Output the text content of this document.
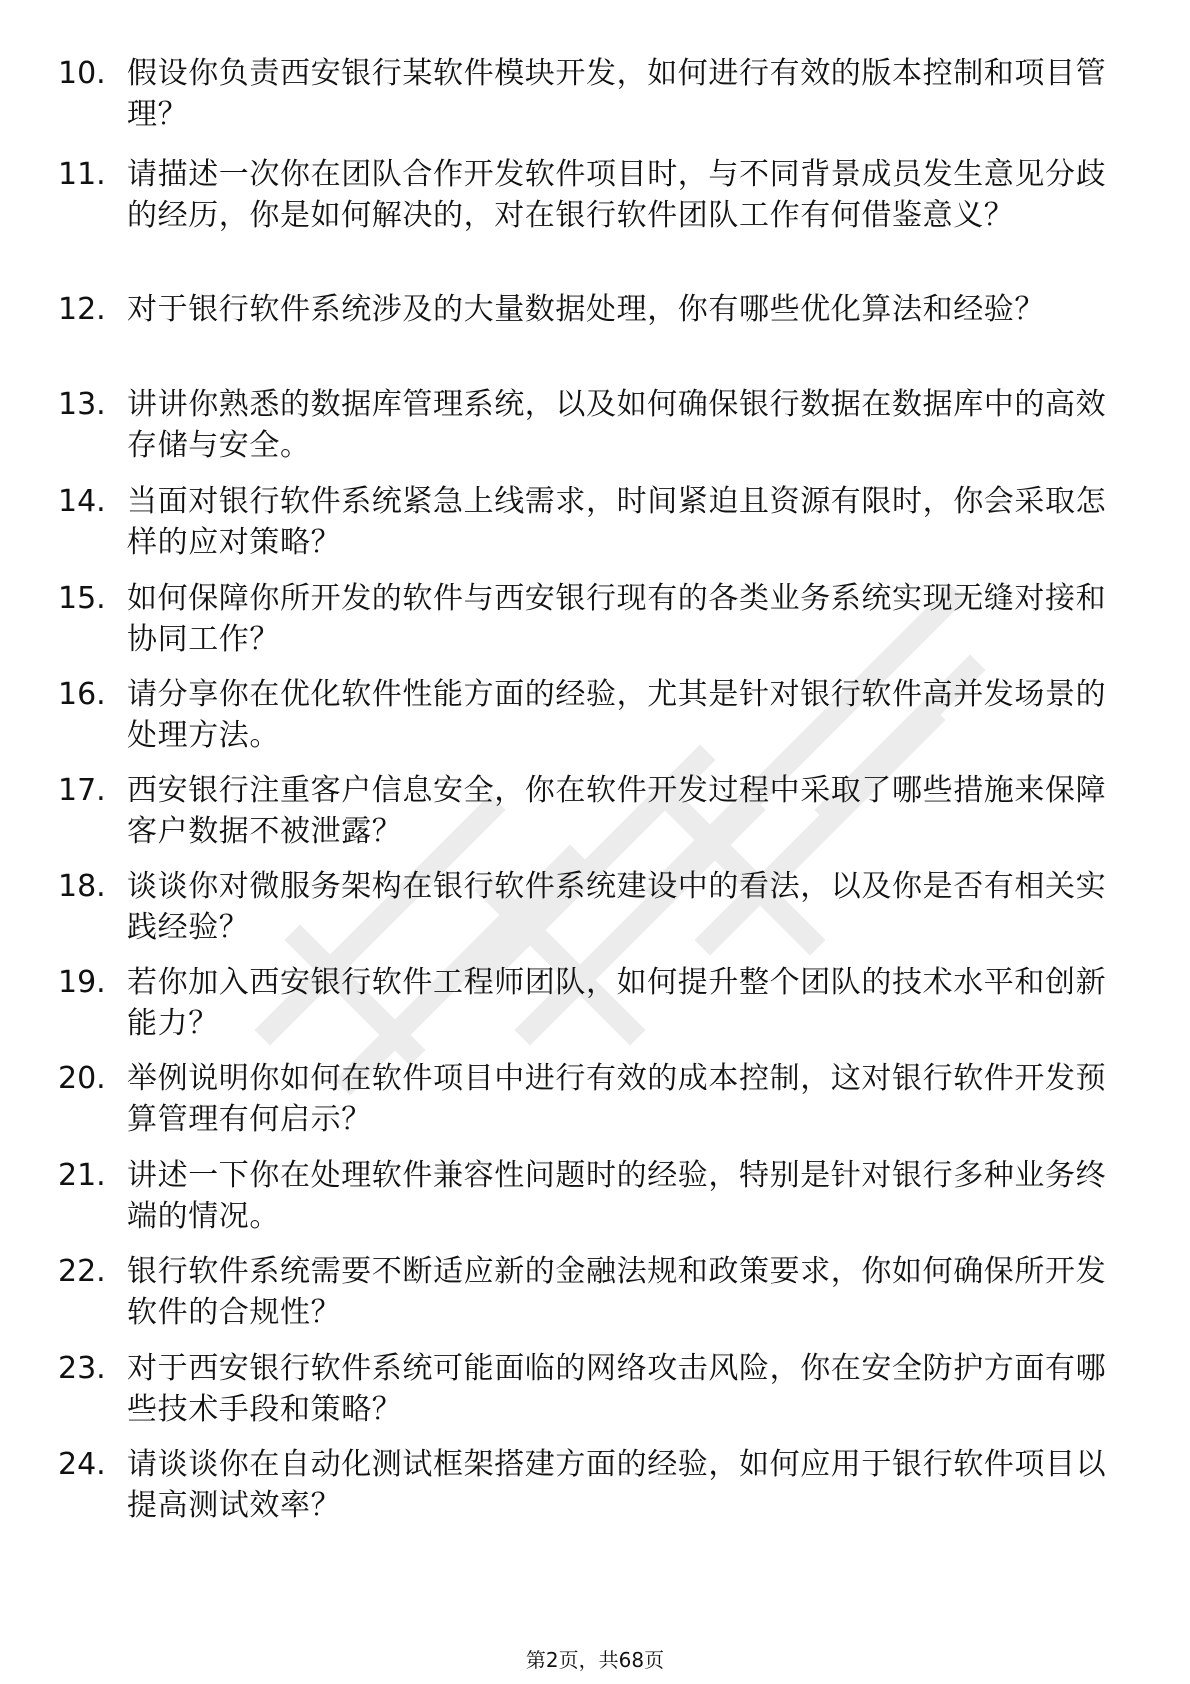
10. 假设你负责西安银行某软件模块开发，如何进行有效的版本控制和项目管理？
11. 请描述一次你在团队合作开发软件项目时，与不同背景成员发生意见分歧的经历，你是如何解决的，对在银行软件团队工作有何借鉴意义？
12. 对于银行软件系统涉及的大量数据处理，你有哪些优化算法和经验？
13. 讲讲你熟悉的数据库管理系统，以及如何确保银行数据在数据库中的高效存储与安全。
14. 当面对银行软件系统紧急上线需求，时间紧迫且资源有限时，你会采取怎样的应对策略？
15. 如何保障你所开发的软件与西安银行现有的各类业务系统实现无缝对接和协同工作？
16. 请分享你在优化软件性能方面的经验，尤其是针对银行软件高并发场景的处理方法。
17. 西安银行注重客户信息安全，你在软件开发过程中采取了哪些措施来保障客户数据不被泄露？
18. 谈谈你对微服务架构在银行软件系统建设中的看法，以及你是否有相关实践经验？
19. 若你加入西安银行软件工程师团队，如何提升整个团队的技术水平和创新能力？
20. 举例说明你如何在软件项目中进行有效的成本控制，这对银行软件开发预算管理有何启示？
21. 讲述一下你在处理软件兼容性问题时的经验，特别是针对银行多种业务终端的情况。
22. 银行软件系统需要不断适应新的金融法规和政策要求，你如何确保所开发软件的合规性？
23. 对于西安银行软件系统可能面临的网络攻击风险，你在安全防护方面有哪些技术手段和策略？
24. 请谈谈你在自动化测试框架搭建方面的经验，如何应用于银行软件项目以提高测试效率？
第2页，共68页
